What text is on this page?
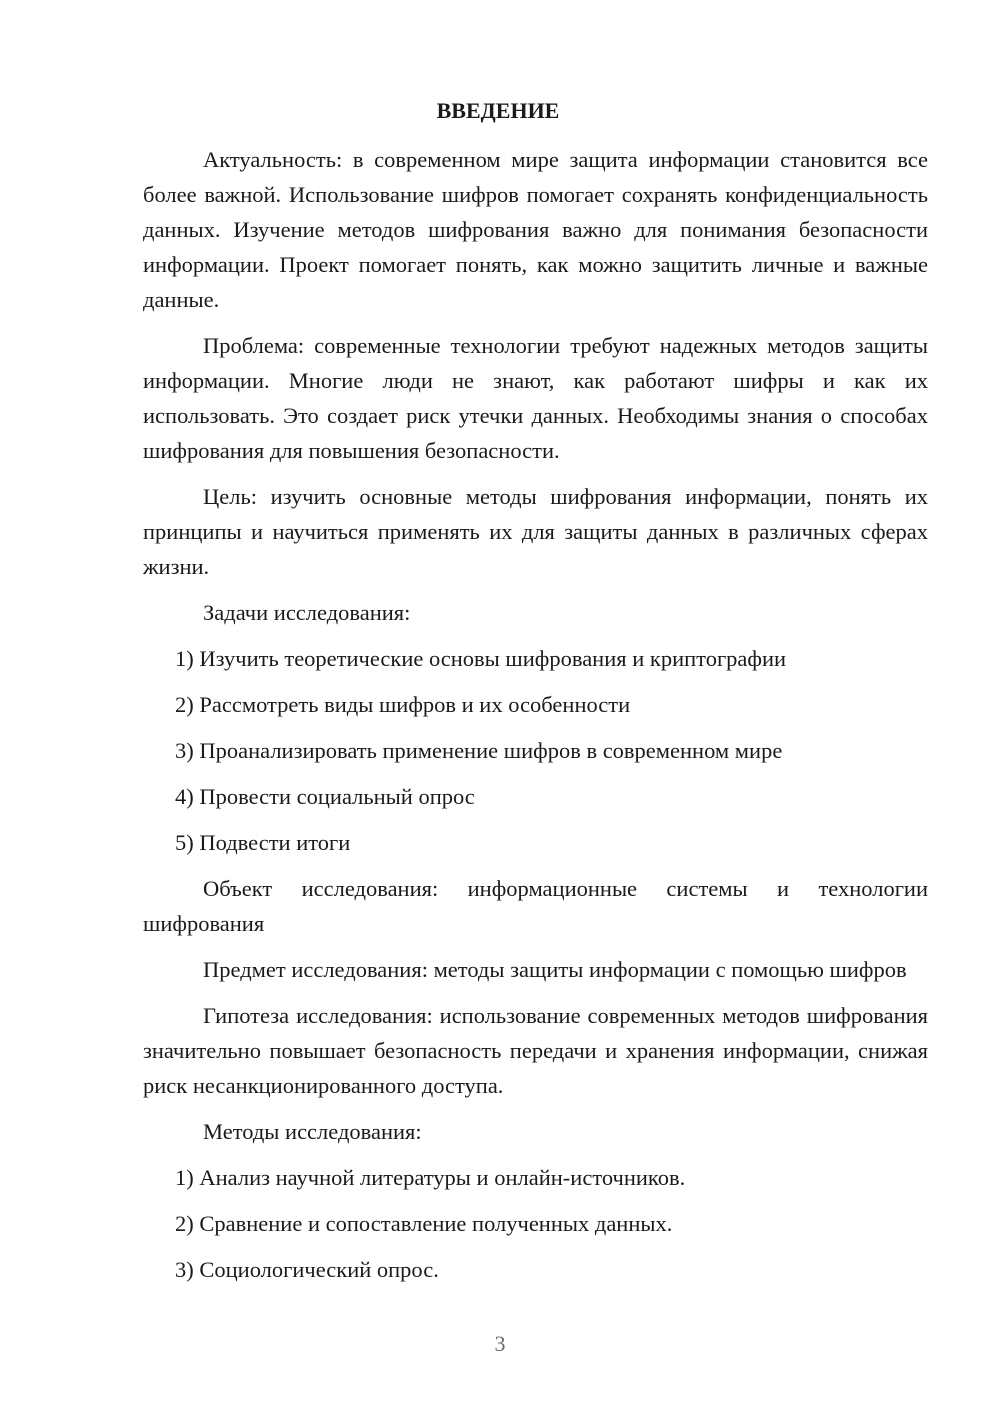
ВВЕДЕНИЕ

Актуальность: в современном мире защита информации становится все более важной. Использование шифров помогает сохранять конфиденциальность данных. Изучение методов шифрования важно для понимания безопасности информации. Проект помогает понять, как можно защитить личные и важные данные.

Проблема: современные технологии требуют надежных методов защиты информации. Многие люди не знают, как работают шифры и как их использовать. Это создает риск утечки данных. Необходимы знания о способах шифрования для повышения безопасности.

Цель: изучить основные методы шифрования информации, понять их принципы и научиться применять их для защиты данных в различных сферах жизни.

Задачи исследования:

1) Изучить теоретические основы шифрования и криптографии

2) Рассмотреть виды шифров и их особенности

3) Проанализировать применение шифров в современном мире

4) Провести социальный опрос

5) Подвести итоги

Объект исследования: информационные системы и технологии шифрования

Предмет исследования: методы защиты информации с помощью шифров

Гипотеза исследования: использование современных методов шифрования значительно повышает безопасность передачи и хранения информации, снижая риск несанкционированного доступа.

Методы исследования:

1) Анализ научной литературы и онлайн-источников.

2) Сравнение и сопоставление полученных данных.

3) Социологический опрос.

3
